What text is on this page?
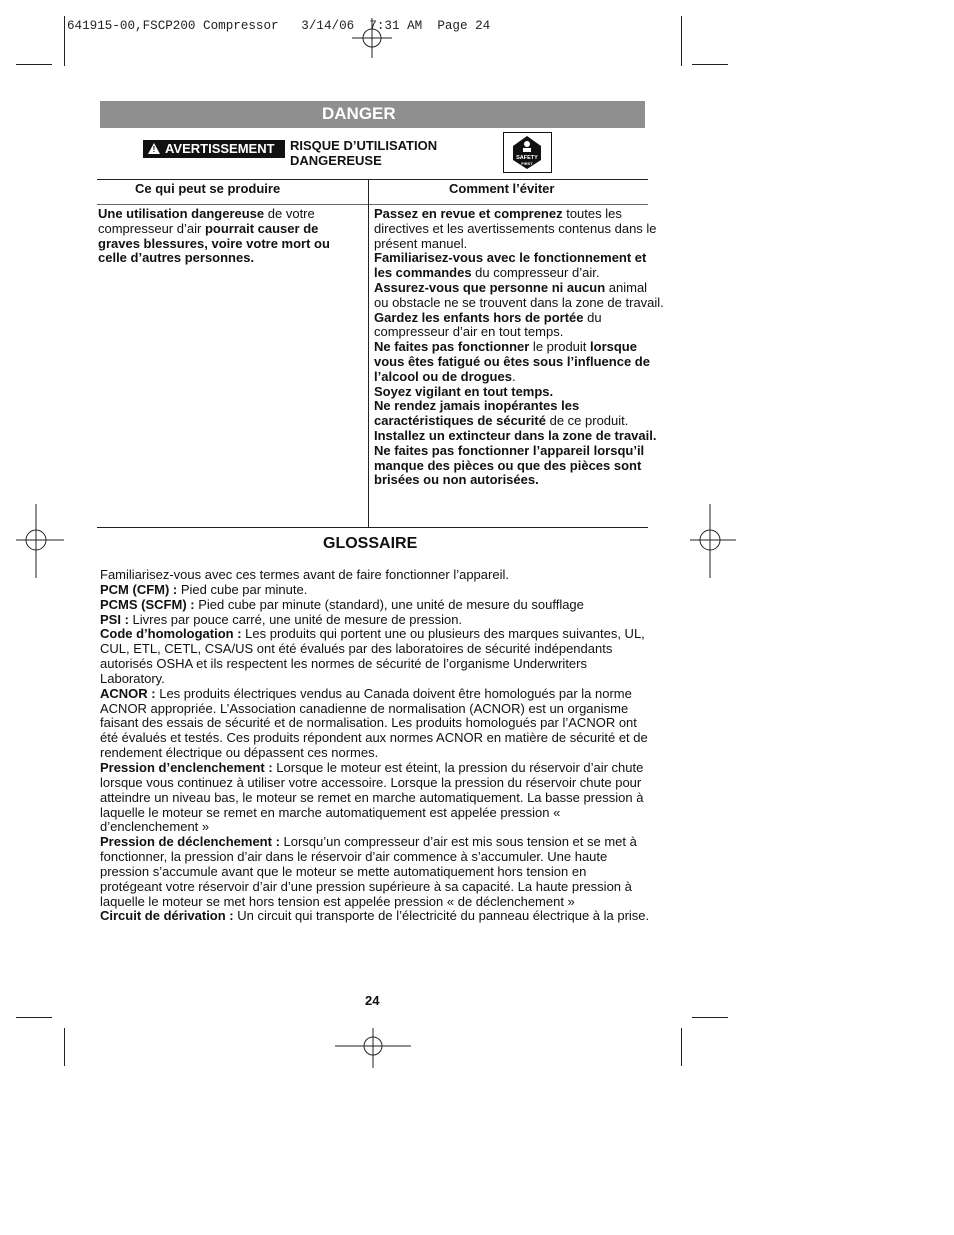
641915-00,FSCP200 Compressor   3/14/06  7:31 AM  Page 24
DANGER
! AVERTISSEMENT RISQUE D’UTILISATION
DANGEREUSE	SAFETY
FIRST
Ce qui peut se produire	Comment l’éviter

Une utilisation dangereuse de votre compresseur d’air pourrait causer de graves blessures, voire votre mort ou celle d’autres personnes.

Passez en revue et comprenez toutes les directives et les avertissements contenus dans le présent manuel.

Familiarisez-vous avec le fonctionnement et les commandes du compresseur d’air.

Assurez-vous que personne ni aucun animal ou obstacle ne se trouvent dans la zone de travail.

Gardez les enfants hors de portée du compresseur d’air en tout temps.

Ne faites pas fonctionner le produit lorsque vous êtes fatigué ou êtes sous l’influence de l’alcool ou de drogues.

Soyez vigilant en tout temps.

Ne rendez jamais inopérantes les caractéristiques de sécurité de ce produit.

Installez un extincteur dans la zone de travail.

Ne faites pas fonctionner l’appareil lorsqu’il manque des pièces ou que des pièces sont brisées ou non autorisées.

GLOSSAIRE

Familiarisez-vous avec ces termes avant de faire fonctionner l’appareil.

PCM (CFM) : Pied cube par minute.

PCMS (SCFM) : Pied cube par minute (standard), une unité de mesure du soufflage

PSI : Livres par pouce carré, une unité de mesure de pression.

Code d’homologation : Les produits qui portent une ou plusieurs des marques suivantes, UL, CUL, ETL, CETL, CSA/US ont été évalués par des laboratoires de sécurité indépendants autorisés OSHA et ils respectent les normes de sécurité de l’organisme Underwriters Laboratory.

ACNOR : Les produits électriques vendus au Canada doivent être homologués par la norme ACNOR appropriée. L’Association canadienne de normalisation (ACNOR) est un organisme faisant des essais de sécurité et de normalisation. Les produits homologués par l’ACNOR ont été évalués et testés. Ces produits répondent aux normes ACNOR en matière de sécurité et de rendement électrique ou dépassent ces normes.

Pression d’enclenchement : Lorsque le moteur est éteint, la pression du réservoir d’air chute lorsque vous continuez à utiliser votre accessoire. Lorsque la pression du réservoir chute pour atteindre un niveau bas, le moteur se remet en marche automatiquement. La basse pression à laquelle le moteur se remet en marche automatiquement est appelée pression « d’enclenchement »

Pression de déclenchement : Lorsqu’un compresseur d’air est mis sous tension et se met à fonctionner, la pression d’air dans le réservoir d’air commence à s’accumuler. Une haute pression s’accumule avant que le moteur se mette automatiquement hors tension en protégeant votre réservoir d’air d’une pression supérieure à sa capacité. La haute pression à laquelle le moteur se met hors tension est appelée pression « de déclenchement »

Circuit de dérivation : Un circuit qui transporte de l’électricité du panneau électrique à la prise.

24
